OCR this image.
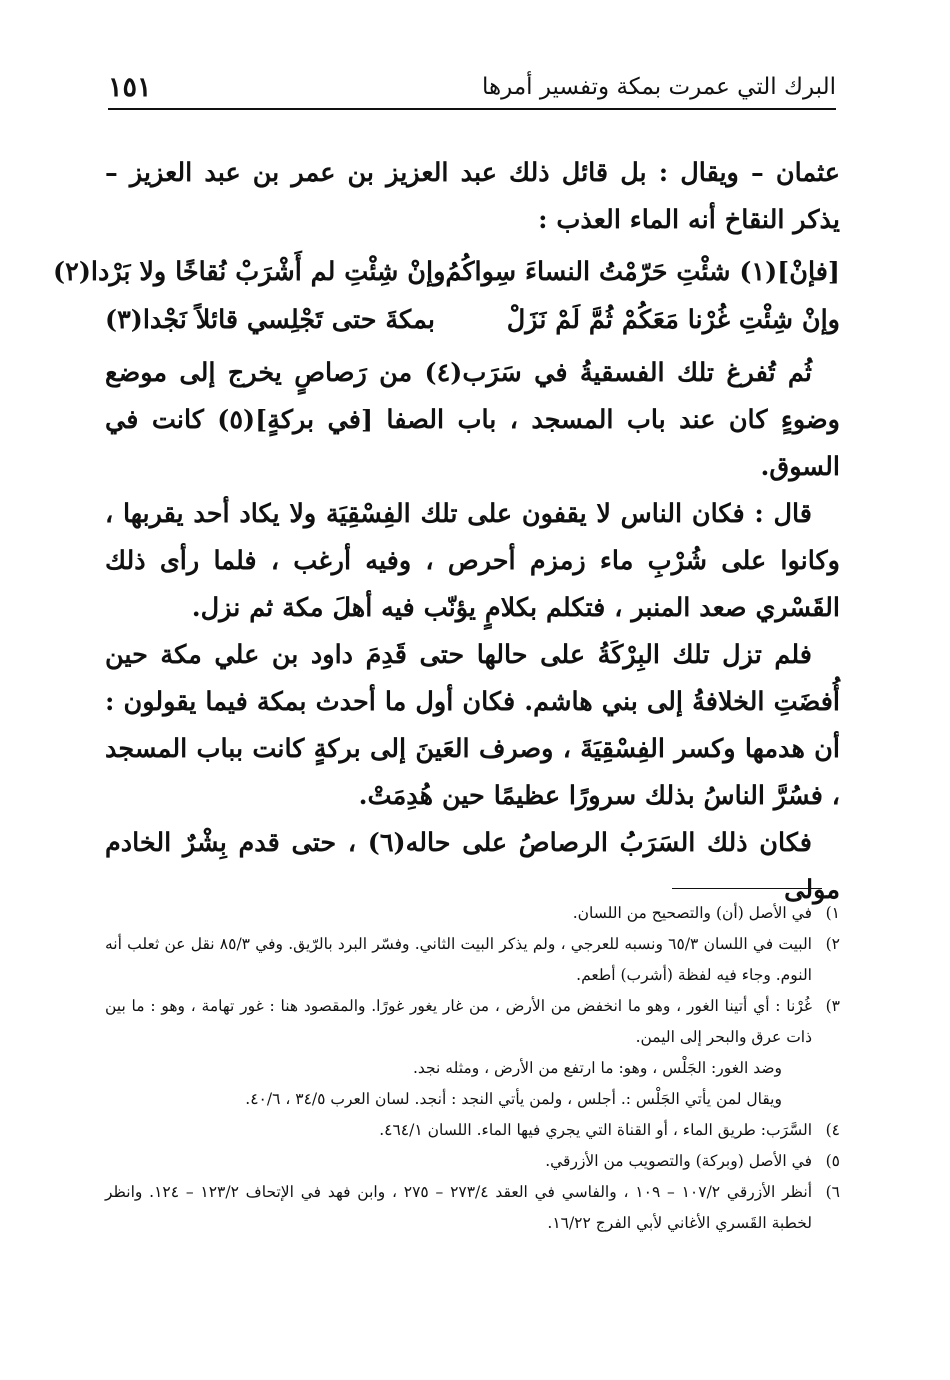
١٥١	البرك التي عمرت بمكة وتفسير أمرها

عثمان – ويقال : بل قائل ذلك عبد العزيز بن عمر بن عبد العزيز – يذكر النقاخ أنه الماء العذب :

[فإنْ](١) شئْتِ حَرّمْتُ النساءَ سِواكُمُ
وإنْ شِئْتِ لم أَشْرَبْ نُقاخًا ولا بَرْدا(٢)
وإنْ شِئْتِ غُرْنا مَعَكُمْ ثُمَّ لَمْ نَزَلْ
بمكةَ حتى تَجْلِسي قائلاً نَجْدا(٣)

ثُم تُفرغ تلك الفسقيةُ في سَرَب(٤) من رَصاصٍ يخرج إلى موضع وضوءٍ كان عند باب المسجد ، باب الصفا [في بركةٍ](٥) كانت في السوق.

قال : فكان الناس لا يقفون على تلك الفِسْقِيَة ولا يكاد أحد يقربها ، وكانوا على شُرْبِ ماء زمزم أحرص ، وفيه أرغب ، فلما رأى ذلك القَسْري صعد المنبر ، فتكلم بكلامٍ يؤنّب فيه أهلَ مكة ثم نزل.

فلم تزل تلك البِرْكَةُ على حالها حتى قَدِمَ داود بن علي مكة حين أُفضَتِ الخلافةُ إلى بني هاشم. فكان أول ما أحدث بمكة فيما يقولون : أن هدمها وكسر الفِسْقِيَةَ ، وصرف العَينَ إلى بركةٍ كانت بباب المسجد ، فسُرَّ الناسُ بذلك سرورًا عظيمًا حين هُدِمَتْ.

فكان ذلك السَرَبُ الرصاصُ على حاله(٦) ، حتى قدم بِشْرٌ الخادم مولى

١)
في الأصل (أن) والتصحيح من اللسان.
٢)
البيت في اللسان ٦٥/٣ ونسبه للعرجي ، ولم يذكر البيت الثاني. وفسّر البرد بالرّيق. وفي ٨٥/٣ نقل عن ثعلب أنه النوم. وجاء فيه لفظة (أشرب) أطعم.
٣)
غُرْنا : أي أتينا الغور ، وهو ما انخفض من الأرض ، من غار يغور غورًا. والمقصود هنا : غور تهامة ، وهو : ما بين ذات عرق والبحر إلى اليمن.
وضد الغور: الجَلْس ، وهو: ما ارتفع من الأرض ، ومثله نجد.
ويقال لمن يأتي الجَلْس :. أجلس ، ولمن يأتي النجد : أنجد. لسان العرب ٣٤/٥ ، ٤٠/٦.
٤)
السَّرَب: طريق الماء ، أو القناة التي يجري فيها الماء. اللسان ٤٦٤/١.
٥)
في الأصل (وبركة) والتصويب من الأزرقي.
٦)
أنظر الأزرقي ١٠٧/٢ – ١٠٩ ، والفاسي في العقد ٢٧٣/٤ – ٢٧٥ ، وابن فهد في الإتحاف ١٢٣/٢ – ١٢٤. وانظر لخطبة القَسري الأغاني لأبي الفرج ١٦/٢٢.
